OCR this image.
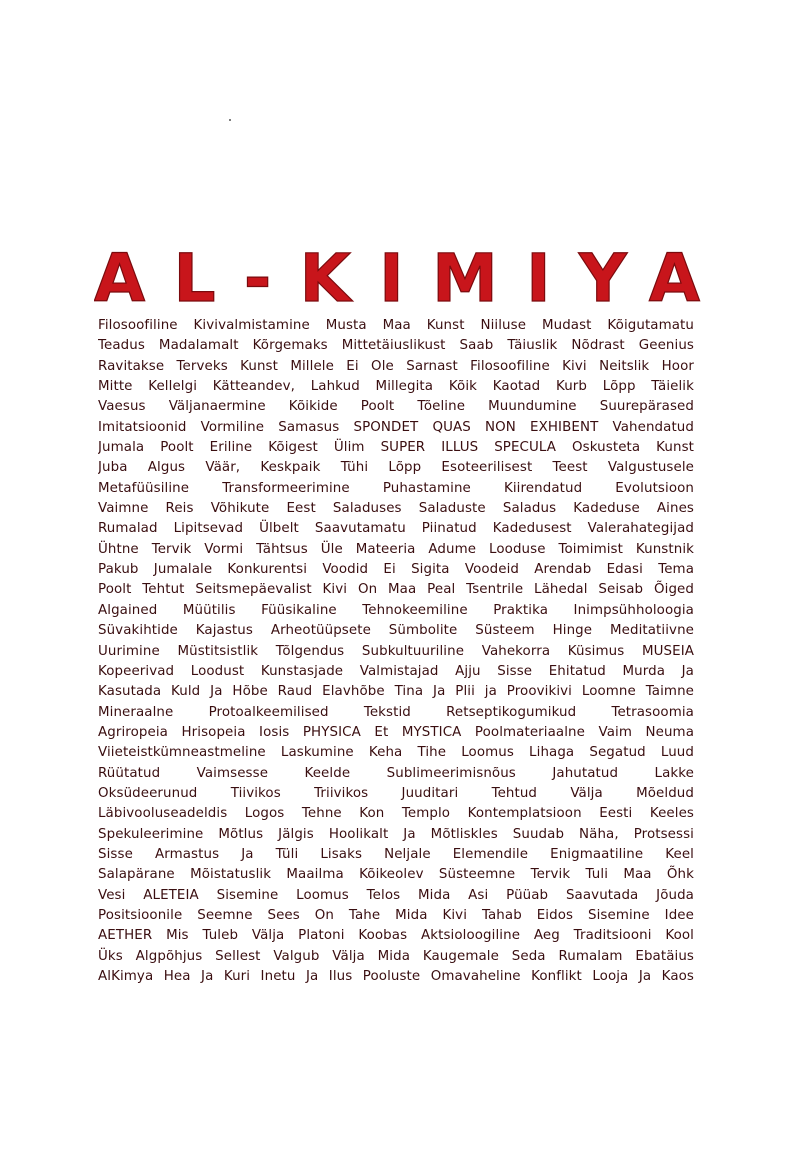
AL-KIMIYA
Filosoofiline Kivivalmistamine Musta Maa Kunst Niiluse Mudast Kõigutamatu
Teadus Madalamalt Kõrgemaks Mittetäiuslikust Saab Täiuslik Nõdrast Geenius
Ravitakse Terveks Kunst Millele Ei Ole Sarnast Filosoofiline Kivi Neitslik Hoor
Mitte Kellelgi Kätteandev, Lahkud Millegita Kõik Kaotad Kurb Lõpp Täielik
Vaesus Väljanaermine Kõikide Poolt Tõeline Muundumine Suurepärased
Imitatsioonid Vormiline Samasus SPONDET QUAS NON EXHIBENT Vahendatud
Jumala Poolt Eriline Kõigest Ülim SUPER ILLUS SPECULA Oskusteta Kunst
Juba Algus Väär, Keskpaik Tühi Lõpp Esoteerilisest Teest Valgustusele
Metafüüsiline Transformeerimine Puhastamine Kiirendatud Evolutsioon
Vaimne Reis Võhikute Eest Saladuses Saladuste Saladus Kadeduse Aines
Rumalad Lipitsevad Ülbelt Saavutamatu Piinatud Kadedusest Valerahategijad
Ühtne Tervik Vormi Tähtsus Üle Mateeria Adume Looduse Toimimist Kunstnik
Pakub Jumalale Konkurentsi Voodid Ei Sigita Voodeid Arendab Edasi Tema
Poolt Tehtut Seitsmepäevalist Kivi On Maa Peal Tsentrile Lähedal Seisab Õiged
Algained Müütilis Füüsikaline Tehnokeemiline Praktika Inimpsühholoogia
Süvakihtide Kajastus Arheotüüpsete Sümbolite Süsteem Hinge Meditatiivne
Uurimine Müstitsistlik Tõlgendus Subkultuuriline Vahekorra Küsimus MUSEIA
Kopeerivad Loodust Kunstasjade Valmistajad Ajju Sisse Ehitatud Murda Ja
Kasutada Kuld Ja Hõbe Raud Elavhõbe Tina Ja Plii ja Proovikivi Loomne Taimne
Mineraalne Protoalkeemilised Tekstid Retseptikogumikud Tetrasoomia
Agriropeia Hrisopeia Iosis PHYSICA Et MYSTICA Poolmateriaalne Vaim Neuma
Viieteistkümneastmeline Laskumine Keha Tihe Loomus Lihaga Segatud Luud
Rüütatud Vaimsesse Keelde Sublimeerimisnõus Jahutatud Lakke
Oksüdeerunud Tiivikos Triivikos Juuditari Tehtud Välja Mõeldud
Läbivooluseadeldis Logos Tehne Kon Templo Kontemplatsioon Eesti Keeles
Spekuleerimine Mõtlus Jälgis Hoolikalt Ja Mõtliskles Suudab Näha, Protsessi
Sisse Armastus Ja Tüli Lisaks Neljale Elemendile Enigmaatiline Keel
Salapärane Mõistatuslik Maailma Kõikeolev Süsteemne Tervik Tuli Maa Õhk
Vesi ALETEIA Sisemine Loomus Telos Mida Asi Püüab Saavutada Jõuda
Positsioonile Seemne Sees On Tahe Mida Kivi Tahab Eidos Sisemine Idee
AETHER Mis Tuleb Välja Platoni Koobas Aktsioloogiline Aeg Traditsiooni Kool
Üks Algpõhjus Sellest Valgub Välja Mida Kaugemale Seda Rumalam Ebatäius
AlKimya Hea Ja Kuri Inetu Ja Ilus Pooluste Omavaheline Konflikt Looja Ja Kaos
